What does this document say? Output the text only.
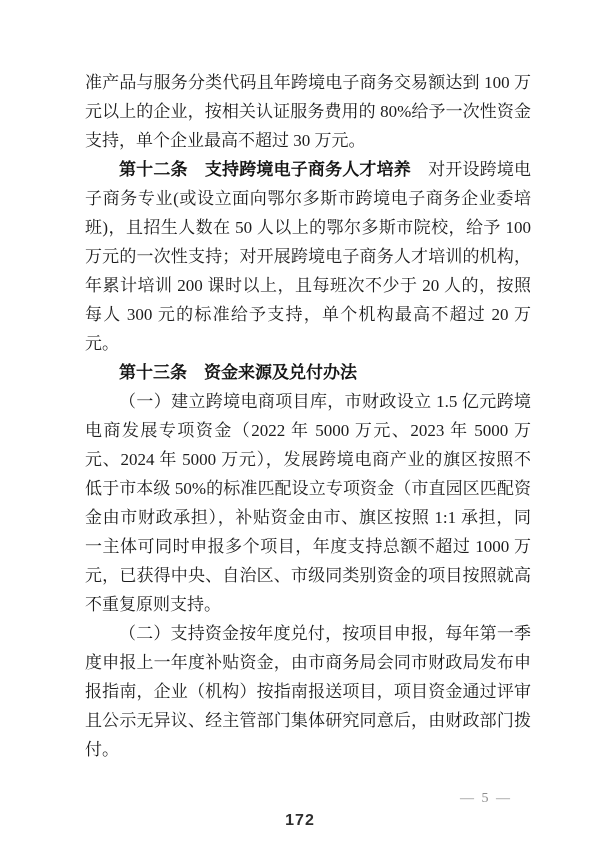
准产品与服务分类代码且年跨境电子商务交易额达到 100 万元以上的企业，按相关认证服务费用的 80%给予一次性资金支持，单个企业最高不超过 30 万元。

第十二条　支持跨境电子商务人才培养　对开设跨境电子商务专业(或设立面向鄂尔多斯市跨境电子商务企业委培班)，且招生人数在 50 人以上的鄂尔多斯市院校，给予 100 万元的一次性支持；对开展跨境电子商务人才培训的机构，年累计培训 200 课时以上，且每班次不少于 20 人的，按照每人 300 元的标准给予支持，单个机构最高不超过 20 万元。

第十三条　资金来源及兑付办法

（一）建立跨境电商项目库，市财政设立 1.5 亿元跨境电商发展专项资金（2022 年 5000 万元、2023 年 5000 万元、2024 年 5000 万元），发展跨境电商产业的旗区按照不低于市本级 50%的标准匹配设立专项资金（市直园区匹配资金由市财政承担），补贴资金由市、旗区按照 1:1 承担，同一主体可同时申报多个项目，年度支持总额不超过 1000 万元，已获得中央、自治区、市级同类别资金的项目按照就高不重复原则支持。

（二）支持资金按年度兑付，按项目申报，每年第一季度申报上一年度补贴资金，由市商务局会同市财政局发布申报指南，企业（机构）按指南报送项目，项目资金通过评审且公示无异议、经主管部门集体研究同意后，由财政部门拨付。

— 5 —
172
